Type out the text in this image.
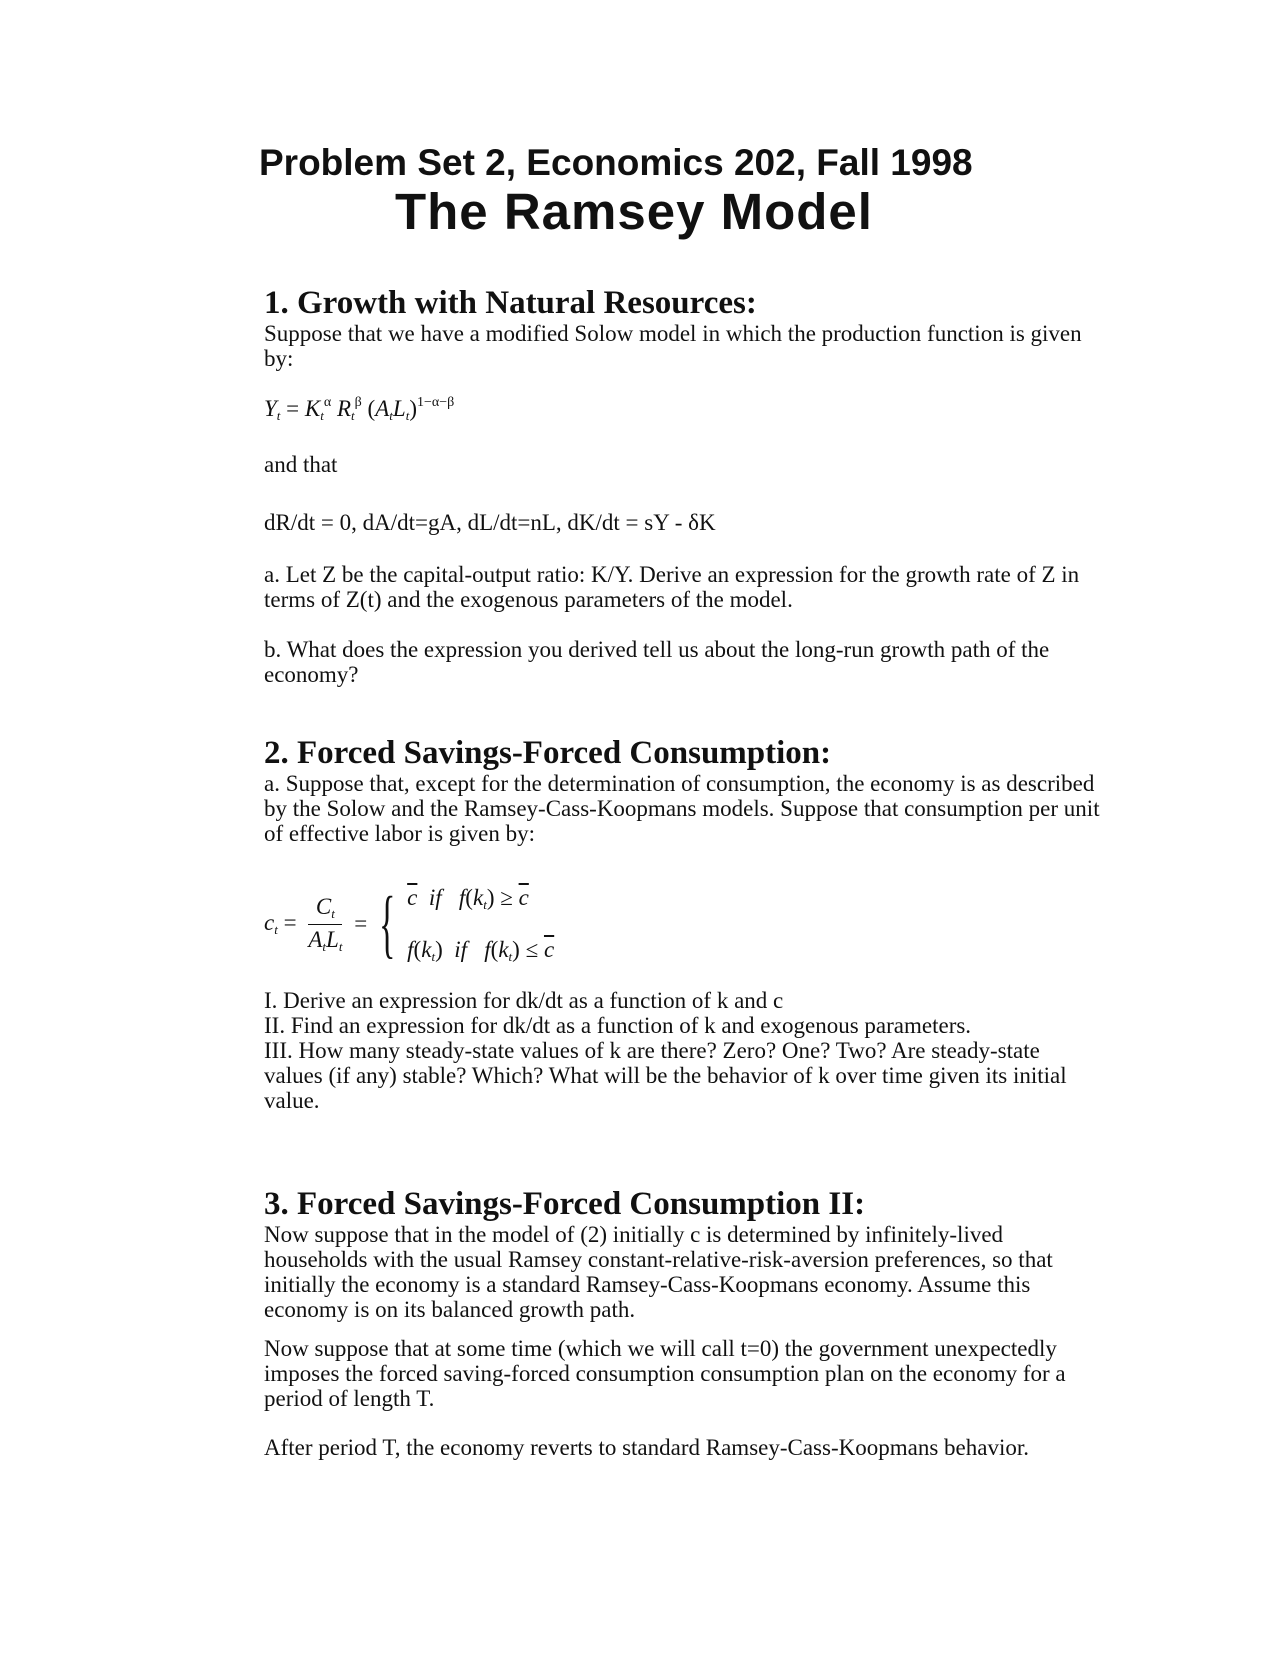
Problem Set 2, Economics 202, Fall 1998
The Ramsey Model
1. Growth with Natural Resources:

Suppose that we have a modified Solow model in which the production function is given by:

$Y_t = K_t^\alpha$ $R_t^\beta$ $(A_tL_t)^{1-\alpha-\beta}$

and that

dR/dt = 0, dA/dt=gA, dL/dt=nL, dK/dt = sY - δK

a. Let Z be the capital-output ratio: K/Y. Derive an expression for the growth rate of Z in terms of Z(t) and the exogenous parameters of the model.

b. What does the expression you derived tell us about the long-run growth path of the economy?

2. Forced Savings-Forced Consumption:

a. Suppose that, except for the determination of consumption, the economy is as described by the Solow and the Ramsey-Cass-Koopmans models. Suppose that consumption per unit of effective labor is given by:

$c_t = \frac{C_t}{A_tL_t}$ = { $\overline{c}$  if   $f(k_t) \ge \overline{c}$
$f(k_t)$  if   $f(k_t) \le \overline{c}$

I. Derive an expression for dk/dt as a function of k and c

II. Find an expression for dk/dt as a function of k and exogenous parameters.

III. How many steady-state values of k are there? Zero? One? Two? Are steady-state values (if any) stable? Which? What will be the behavior of k over time given its initial value.

3. Forced Savings-Forced Consumption II:

Now suppose that in the model of (2) initially c is determined by infinitely-lived households with the usual Ramsey constant-relative-risk-aversion preferences, so that initially the economy is a standard Ramsey-Cass-Koopmans economy. Assume this economy is on its balanced growth path.

Now suppose that at some time (which we will call t=0) the government unexpectedly imposes the forced saving-forced consumption consumption plan on the economy for a period of length T.

After period T, the economy reverts to standard Ramsey-Cass-Koopmans behavior.
